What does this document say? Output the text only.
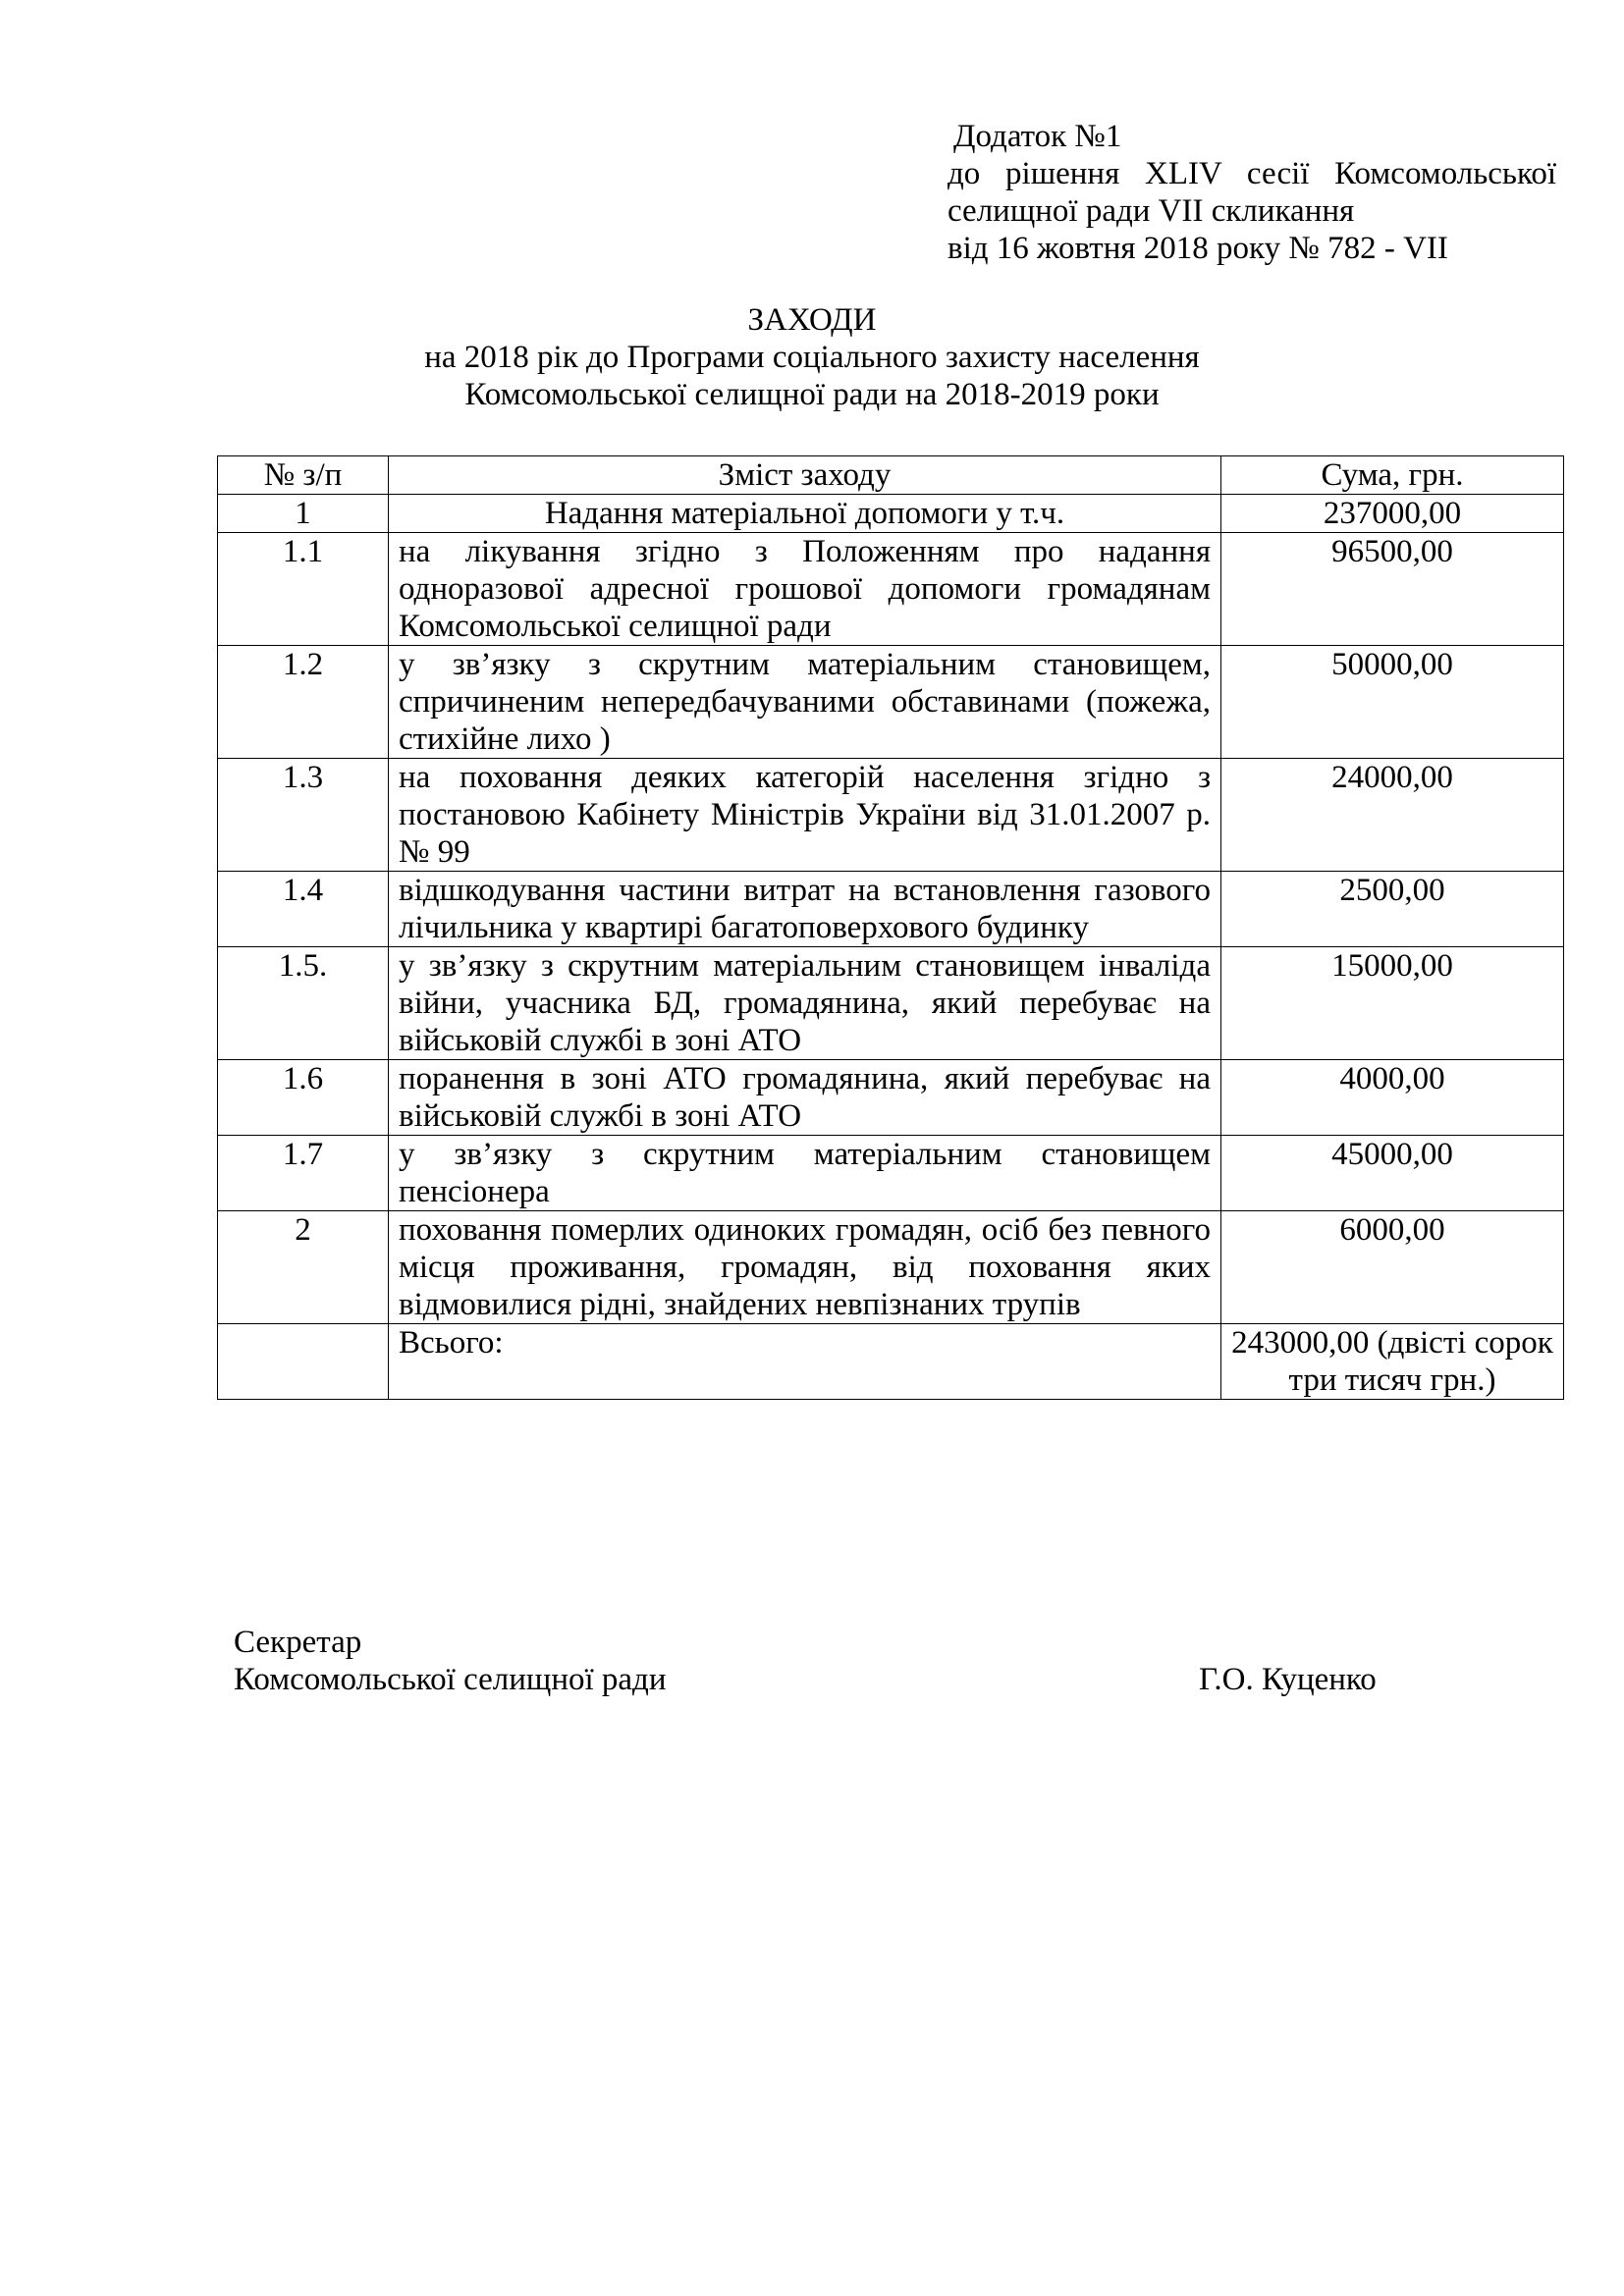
Додаток №1
до рішення XLIV сесії Комсомольської
селищної ради VII скликання
від 16 жовтня 2018 року № 782 - VII
ЗАХОДИ
на 2018 рік до Програми соціального захисту населення
Комсомольської селищної ради на 2018-2019 роки
№ з/п	Зміст заходу	Сума, грн.
1	Надання матеріальної допомоги у т.ч.	237000,00
1.1	на лікування згідно з Положенням про надання одноразової адресної грошової допомоги громадянам Комсомольської селищної ради	96500,00
1.2	у зв’язку з скрутним матеріальним становищем, спричиненим непередбачуваними обставинами (пожежа, стихійне лихо )	50000,00
1.3	на поховання деяких категорій населення згідно з постановою Кабінету Міністрів України від 31.01.2007 р. № 99	24000,00
1.4	відшкодування частини витрат на встановлення газового лічильника у квартирі багатоповерхового будинку	2500,00
1.5.	у зв’язку з скрутним матеріальним становищем інваліда війни, учасника БД, громадянина, який перебуває на військовій службі в зоні АТО	15000,00
1.6	поранення в зоні АТО громадянина, який перебуває на військовій службі в зоні АТО	4000,00
1.7	у зв’язку з скрутним матеріальним становищем пенсіонера	45000,00
2	поховання померлих одиноких громадян, осіб без певного місця проживання, громадян, від поховання яких відмовилися рідні, знайдених невпізнаних трупів	6000,00
	Всього:	243000,00 (двісті сорок три тисяч грн.)
Секретар
Комсомольської селищної ради	Г.О. Куценко
